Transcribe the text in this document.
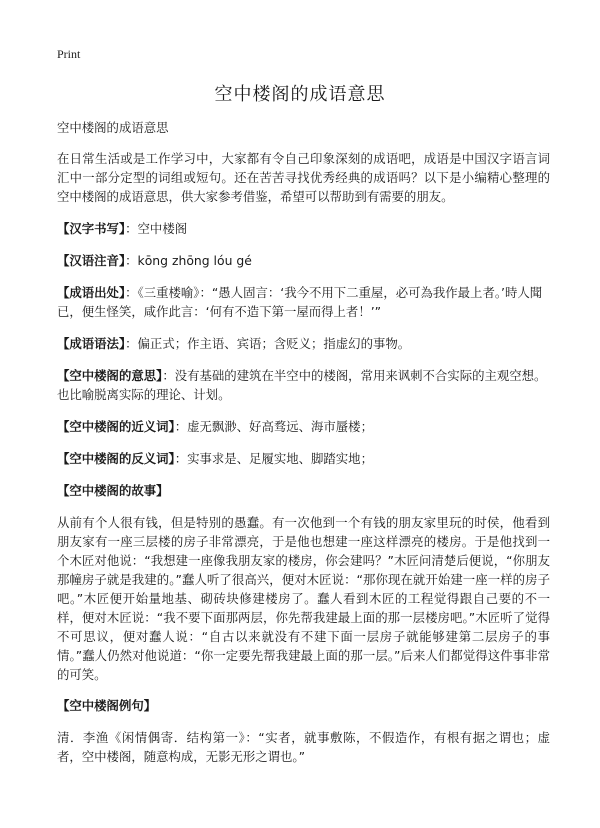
Print
空中楼阁的成语意思

空中楼阁的成语意思

在日常生活或是工作学习中，大家都有令自己印象深刻的成语吧，成语是中国汉字语言词汇中一部分定型的词组或短句。还在苦苦寻找优秀经典的成语吗？以下是小编精心整理的空中楼阁的成语意思，供大家参考借鉴，希望可以帮助到有需要的朋友。

【汉字书写】：空中楼阁

【汉语注音】：kōng zhōng lóu gé

【成语出处】：《三重楼喻》：“愚人固言：‘我今不用下二重屋，必可為我作最上者。’時人聞已，便生怪笑，咸作此言：‘何有不造下第一屋而得上者！’”

【成语语法】：偏正式；作主语、宾语；含贬义；指虚幻的事物。

【空中楼阁的意思】：没有基础的建筑在半空中的楼阁，常用来讽刺不合实际的主观空想。也比喻脱离实际的理论、计划。

【空中楼阁的近义词】：虚无飘渺、好高骛远、海市蜃楼；

【空中楼阁的反义词】：实事求是、足履实地、脚踏实地；

【空中楼阁的故事】

从前有个人很有钱，但是特别的愚蠢。有一次他到一个有钱的朋友家里玩的时侯，他看到朋友家有一座三层楼的房子非常漂亮，于是他也想建一座这样漂亮的楼房。于是他找到一个木匠对他说：“我想建一座像我朋友家的楼房，你会建吗？”木匠问清楚后便说，“你朋友那幢房子就是我建的。”蠢人听了很高兴，便对木匠说：“那你现在就开始建一座一样的房子吧。”木匠便开始量地基、砌砖块修建楼房了。蠢人看到木匠的工程觉得跟自己要的不一样，便对木匠说：“我不要下面那两层，你先帮我建最上面的那一层楼房吧。”木匠听了觉得不可思议，便对蠢人说：“自古以来就没有不建下面一层房子就能够建第二层房子的事情。”蠢人仍然对他说道：“你一定要先帮我建最上面的那一层。”后来人们都觉得这件事非常的可笑。

【空中楼阁例句】

清．李渔《闲情偶寄．结构第一》：“实者，就事敷陈，不假造作，有根有据之谓也；虚者，空中楼阁，随意构成，无影无形之谓也。”
